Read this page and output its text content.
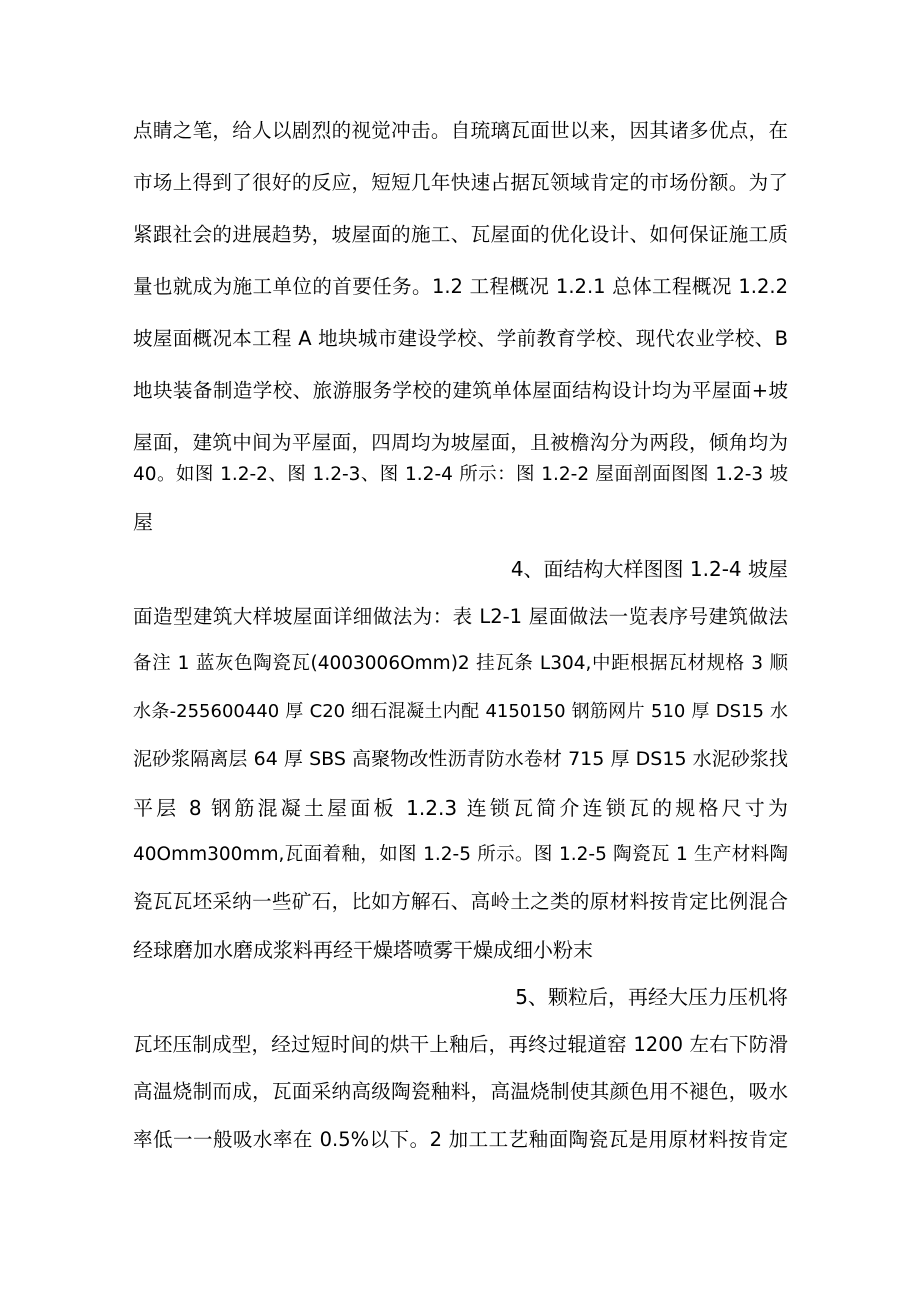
点睛之笔，给人以剧烈的视觉冲击。自琉璃瓦面世以来，因其诸多优点，在
市场上得到了很好的反应，短短几年快速占据瓦领域肯定的市场份额。为了
紧跟社会的进展趋势，坡屋面的施工、瓦屋面的优化设计、如何保证施工质
量也就成为施工单位的首要任务。1.2 工程概况 1.2.1 总体工程概况 1.2.2
坡屋面概况本工程 A 地块城市建设学校、学前教育学校、现代农业学校、B
地块装备制造学校、旅游服务学校的建筑单体屋面结构设计均为平屋面+坡
屋面，建筑中间为平屋面，四周均为坡屋面，且被檐沟分为两段，倾角均为
40。如图 1.2-2、图 1.2-3、图 1.2-4 所示：图 1.2-2 屋面剖面图图 1.2-3 坡
屋
4、面结构大样图图 1.2-4 坡屋
面造型建筑大样坡屋面详细做法为：表 L2-1 屋面做法一览表序号建筑做法
备注 1 蓝灰色陶瓷瓦(4003006Omm)2 挂瓦条 L304,中距根据瓦材规格 3 顺
水条-255600440 厚 C20 细石混凝土内配 4150150 钢筋网片 510 厚 DS15 水
泥砂浆隔离层 64 厚 SBS 高聚物改性沥青防水卷材 715 厚 DS15 水泥砂浆找
平层 8 钢筋混凝土屋面板 1.2.3 连锁瓦简介连锁瓦的规格尺寸为
40Omm300mm,瓦面着釉，如图 1.2-5 所示。图 1.2-5 陶瓷瓦 1 生产材料陶
瓷瓦瓦坯采纳一些矿石，比如方解石、高岭土之类的原材料按肯定比例混合
经球磨加水磨成浆料再经干燥塔喷雾干燥成细小粉末
5、颗粒后，再经大压力压机将
瓦坯压制成型，经过短时间的烘干上釉后，再终过辊道窑 1200 左右下防滑
高温烧制而成，瓦面采纳高级陶瓷釉料，高温烧制使其颜色用不褪色，吸水
率低一一般吸水率在 0.5%以下。2 加工工艺釉面陶瓷瓦是用原材料按肯定
